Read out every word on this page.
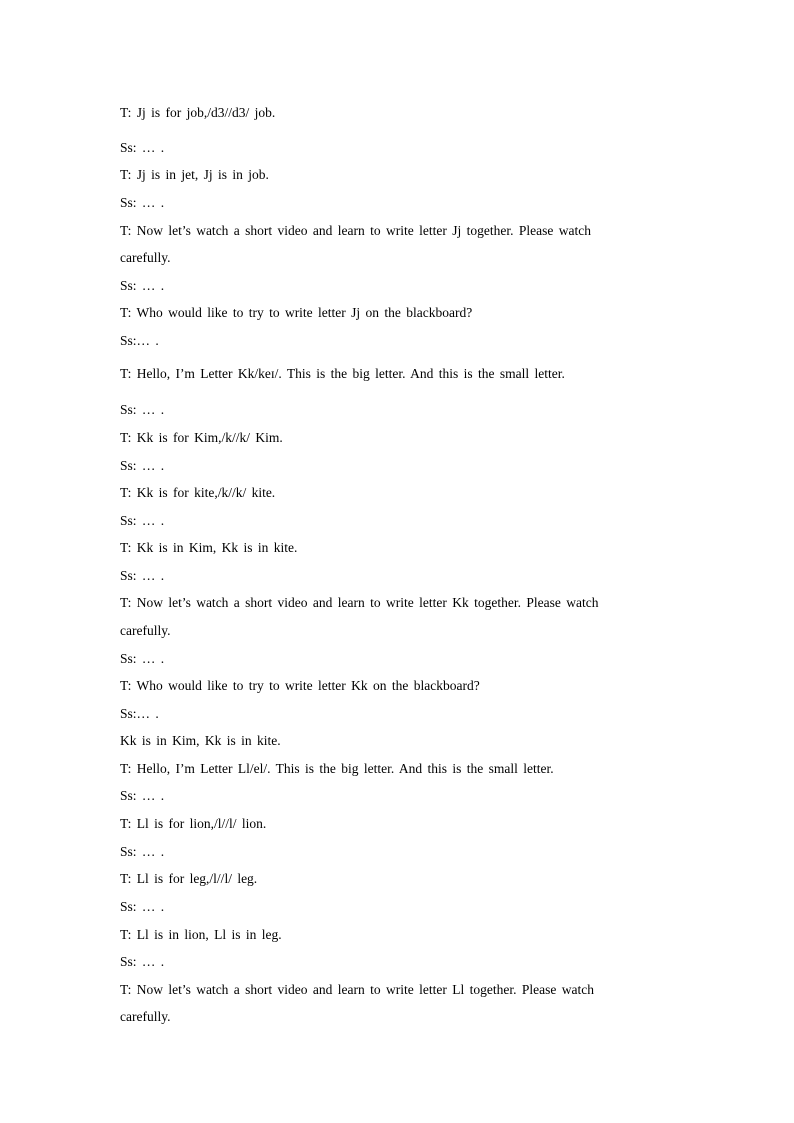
T: Jj is for job,/d3//d3/ job.

Ss: … .

T: Jj is in jet, Jj is in job.

Ss: … .

T: Now let’s watch a short video and learn to write letter Jj together. Please watch

carefully.

Ss: … .

T: Who would like to try to write letter Jj on the blackboard?

Ss:… .

T: Hello, I’m Letter Kk/keɪ/. This is the big letter. And this is the small letter.

Ss: … .

T: Kk is for Kim,/k//k/ Kim.

Ss: … .

T: Kk is for kite,/k//k/ kite.

Ss: … .

T: Kk is in Kim, Kk is in kite.

Ss: … .

T: Now let’s watch a short video and learn to write letter Kk together. Please watch

carefully.

Ss: … .

T: Who would like to try to write letter Kk on the blackboard?

Ss:… .

Kk is in Kim, Kk is in kite.

T: Hello, I’m Letter Ll/el/. This is the big letter. And this is the small letter.

Ss: … .

T: Ll is for lion,/l//l/ lion.

Ss: … .

T: Ll is for leg,/l//l/ leg.

Ss: … .

T: Ll is in lion, Ll is in leg.

Ss: … .

T: Now let’s watch a short video and learn to write letter Ll together. Please watch

carefully.
